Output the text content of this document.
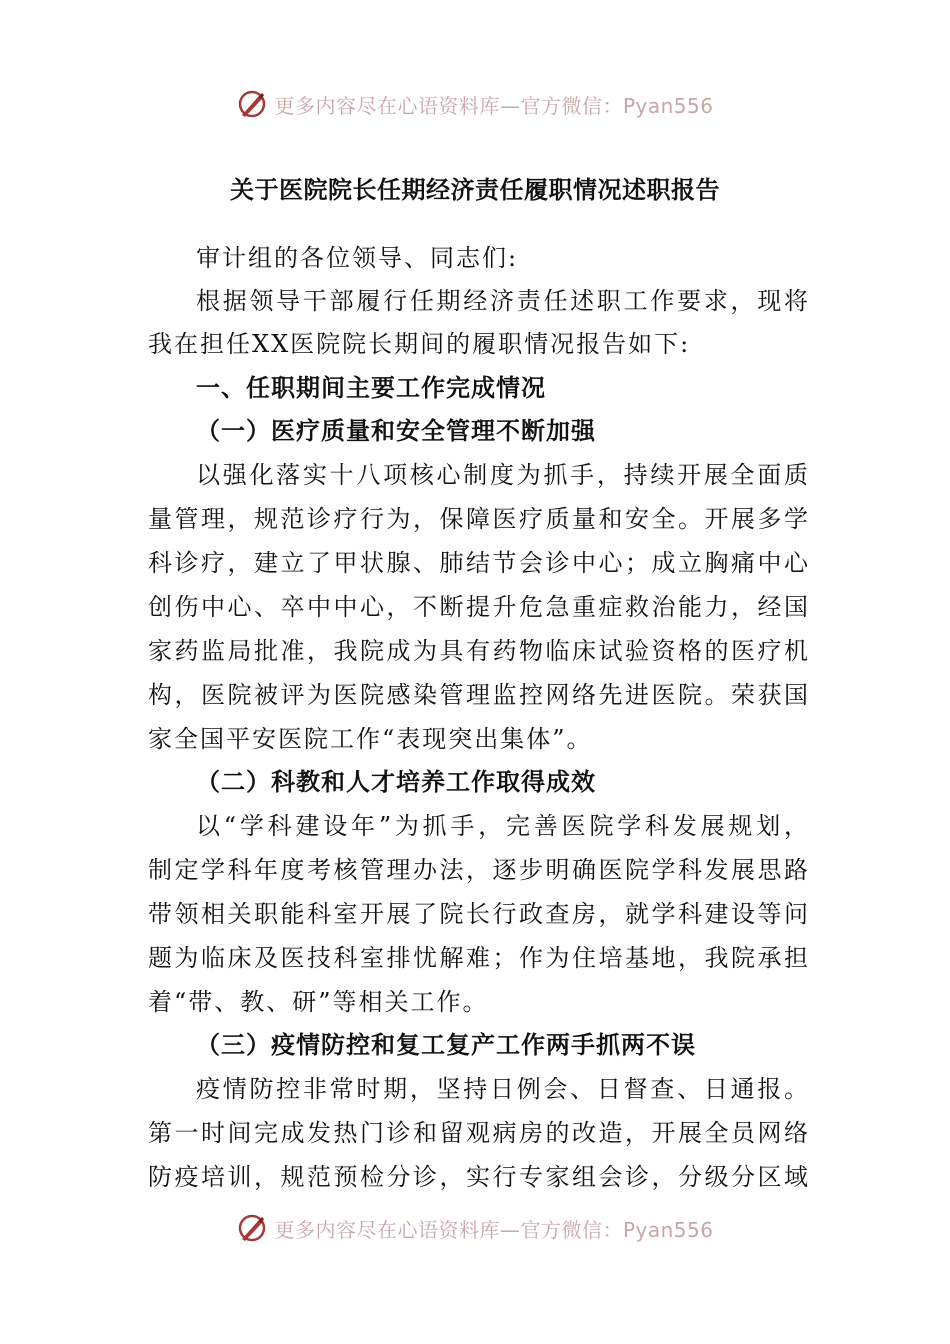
更多内容尽在心语资料库—官方微信：Pyan556
关于医院院长任期经济责任履职情况述职报告
审计组的各位领导、同志们:
根据领导干部履行任期经济责任述职工作要求，现将
我在担任XX医院院长期间的履职情况报告如下:
一、任职期间主要工作完成情况
（一）医疗质量和安全管理不断加强
以强化落实十八项核心制度为抓手，持续开展全面质
量管理，规范诊疗行为，保障医疗质量和安全。开展多学
科诊疗，建立了甲状腺、肺结节会诊中心；成立胸痛中心
创伤中心、卒中中心，不断提升危急重症救治能力，经国
家药监局批准，我院成为具有药物临床试验资格的医疗机
构，医院被评为医院感染管理监控网络先进医院。荣获国
家全国平安医院工作“表现突出集体”。
（二）科教和人才培养工作取得成效
以“学科建设年”为抓手，完善医院学科发展规划，
制定学科年度考核管理办法，逐步明确医院学科发展思路
带领相关职能科室开展了院长行政查房，就学科建设等问
题为临床及医技科室排忧解难；作为住培基地，我院承担
着“带、教、研”等相关工作。
（三）疫情防控和复工复产工作两手抓两不误
疫情防控非常时期，坚持日例会、日督查、日通报。
第一时间完成发热门诊和留观病房的改造，开展全员网络
防疫培训，规范预检分诊，实行专家组会诊，分级分区域
更多内容尽在心语资料库—官方微信：Pyan556
